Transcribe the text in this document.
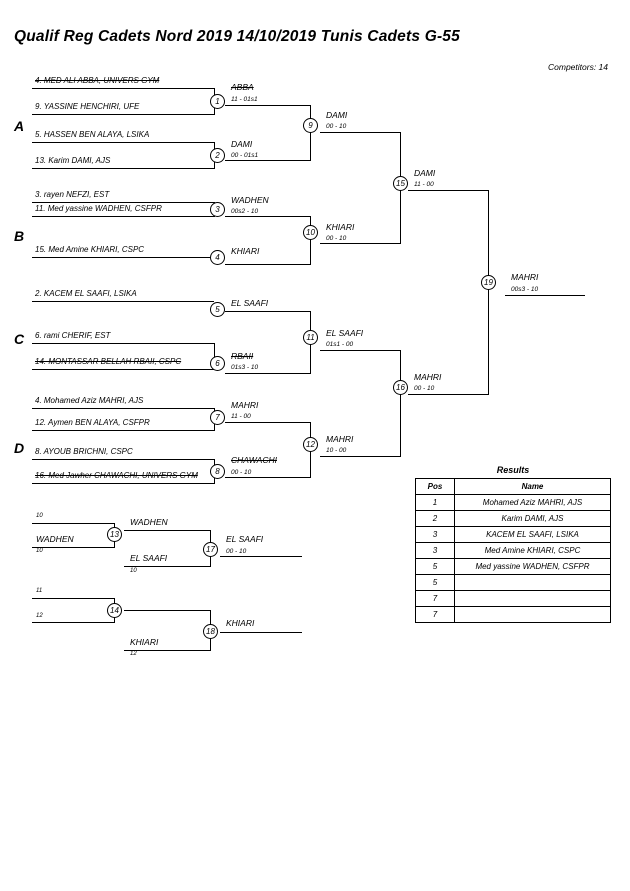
Qualif Reg Cadets Nord 2019 14/10/2019 Tunis Cadets G-55
Competitors: 14
A
B
C
D
4. MED ALI ABBA, UNIVERS GYM
9. YASSINE HENCHIRI, UFE
1
5. HASSEN BEN ALAYA, LSIKA
13. Karim DAMI, AJS
2
3. rayen NEFZI, EST
11. Med yassine WADHEN, CSFPR	3
15. Med Amine KHIARI, CSPC
4
2. KACEM EL SAAFI, LSIKA
5
6. rami CHERIF, EST
14. MONTASSAR BELLAH RBAII, CSPC	6
4. Mohamed Aziz MAHRI, AJS
12. Aymen BEN ALAYA, CSFPR
7
8. AYOUB BRICHNI, CSPC
16. Med Jawher CHAWACHI, UNIVERS GYM	8
ABBA
11 - 01s1
DAMI
00 - 01s1
9
WADHEN
00s2 - 10
KHIARI
10
EL SAAFI
RBAII
01s3 - 10
11
MAHRI
11 - 00
CHAWACHI
00 - 10
12
DAMI
00 - 10
KHIARI
00 - 10
15
EL SAAFI
01s1 - 00
MAHRI
10 - 00
16
DAMI
11 - 00
MAHRI
00 - 10
19
MAHRI
00s3 - 10
10
WADHEN
10
13
WADHEN
EL SAAFI
10
17
EL SAAFI
00 - 10
11
12
14
KHIARI
12
18
KHIARI
Results
Pos	Name
1	Mohamed Aziz MAHRI, AJS
2	Karim DAMI, AJS
3	KACEM EL SAAFI, LSIKA
3	Med Amine KHIARI, CSPC
5	Med yassine WADHEN, CSFPR
5	
7	
7	
